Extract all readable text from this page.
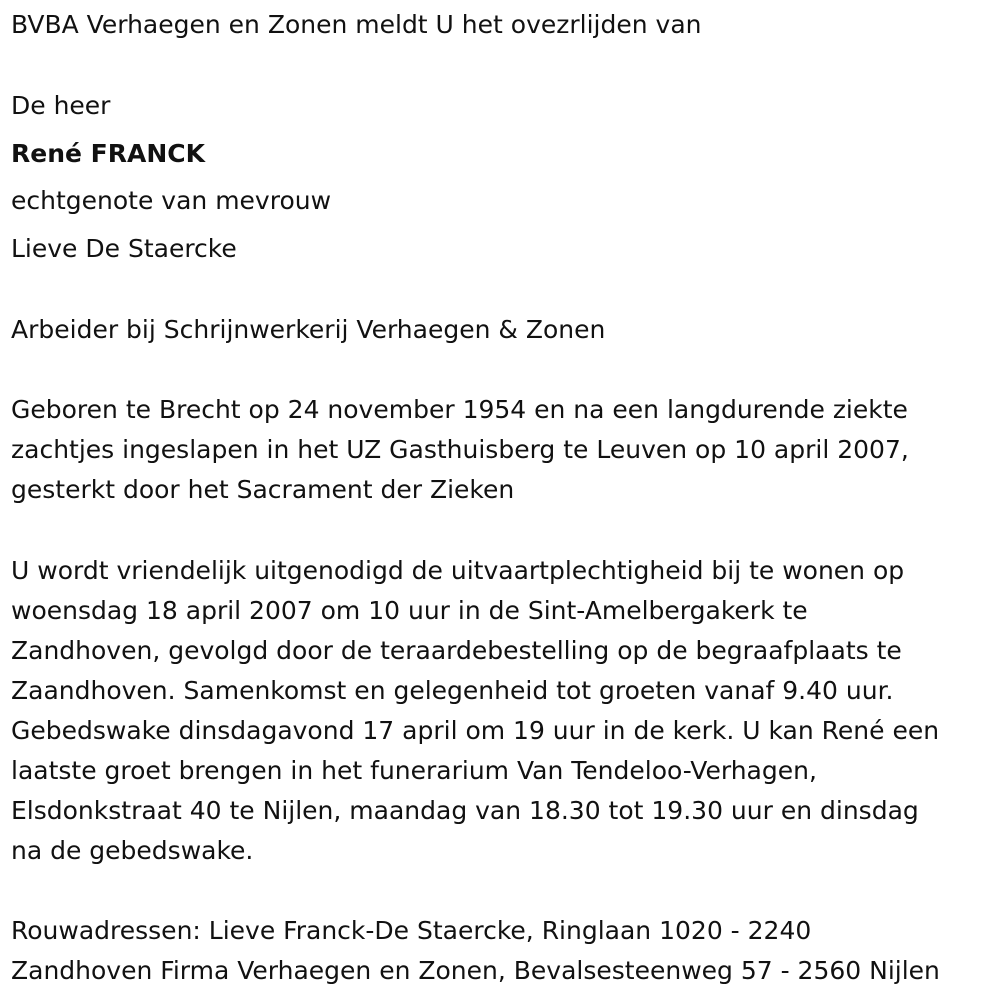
BVBA Verhaegen en Zonen meldt U het ovezrlijden van
De heer
René FRANCK
echtgenote van mevrouw
Lieve De Staercke
Arbeider bij Schrijnwerkerij Verhaegen & Zonen
Geboren te Brecht op 24 november 1954 en na een langdurende ziekte
zachtjes ingeslapen in het UZ Gasthuisberg te Leuven op 10 april 2007,
gesterkt door het Sacrament der Zieken
U wordt vriendelijk uitgenodigd de uitvaartplechtigheid bij te wonen op
woensdag 18 april 2007 om 10 uur in de Sint-Amelbergakerk te
Zandhoven, gevolgd door de teraardebestelling op de begraafplaats te
Zaandhoven. Samenkomst en gelegenheid tot groeten vanaf 9.40 uur.
Gebedswake dinsdagavond 17 april om 19 uur in de kerk. U kan René een
laatste groet brengen in het funerarium Van Tendeloo-Verhagen,
Elsdonkstraat 40 te Nijlen, maandag van 18.30 tot 19.30 uur en dinsdag
na de gebedswake.
Rouwadressen: Lieve Franck-De Staercke, Ringlaan 1020 - 2240
Zandhoven Firma Verhaegen en Zonen, Bevalsesteenweg 57 - 2560 Nijlen
